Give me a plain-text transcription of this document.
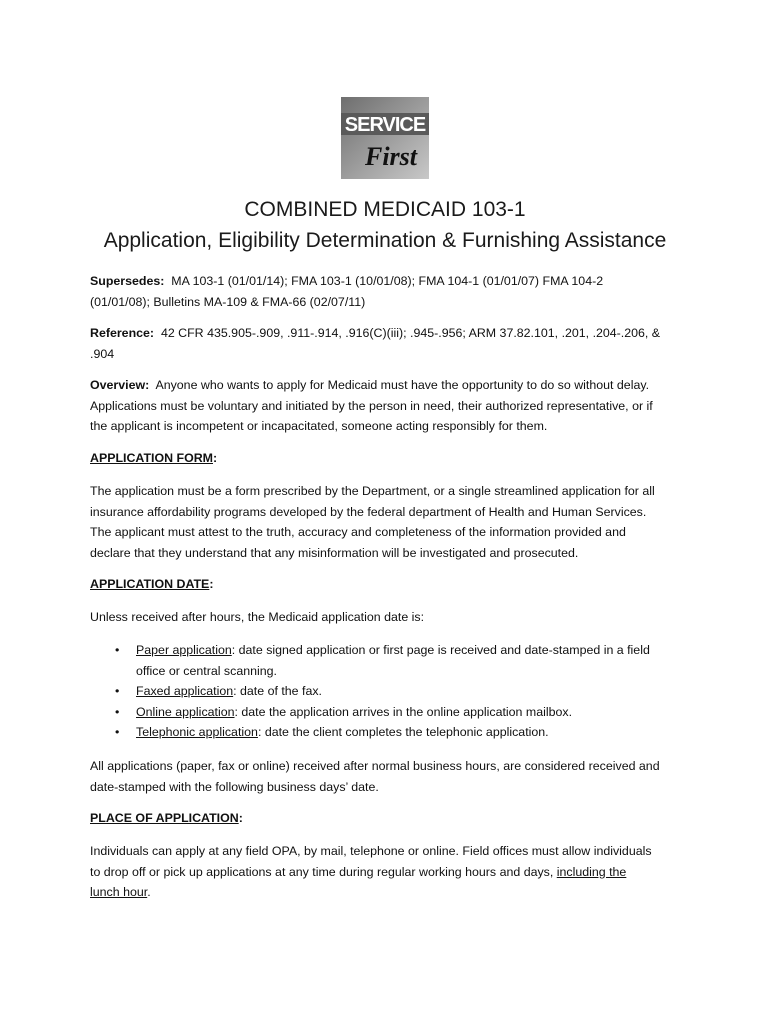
SERVICE
First
COMBINED MEDICAID 103-1
Application, Eligibility Determination & Furnishing Assistance
Supersedes: MA 103-1 (01/01/14); FMA 103-1 (10/01/08); FMA 104-1 (01/01/07) FMA 104-2
(01/01/08); Bulletins MA-109 & FMA-66 (02/07/11)
Reference: 42 CFR 435.905-.909, .911-.914, .916(C)(iii); .945-.956; ARM 37.82.101, .201, .204-.206, &
.904
Overview: Anyone who wants to apply for Medicaid must have the opportunity to do so without delay.
Applications must be voluntary and initiated by the person in need, their authorized representative, or if
the applicant is incompetent or incapacitated, someone acting responsibly for them.
APPLICATION FORM:
The application must be a form prescribed by the Department, or a single streamlined application for all
insurance affordability programs developed by the federal department of Health and Human Services.
The applicant must attest to the truth, accuracy and completeness of the information provided and
declare that they understand that any misinformation will be investigated and prosecuted.
APPLICATION DATE:
Unless received after hours, the Medicaid application date is:
• Paper application: date signed application or first page is received and date-stamped in a field
office or central scanning.
• Faxed application: date of the fax.
• Online application: date the application arrives in the online application mailbox.
• Telephonic application: date the client completes the telephonic application.
All applications (paper, fax or online) received after normal business hours, are considered received and
date-stamped with the following business days’ date.
PLACE OF APPLICATION:
Individuals can apply at any field OPA, by mail, telephone or online. Field offices must allow individuals
to drop off or pick up applications at any time during regular working hours and days, including the
lunch hour.
